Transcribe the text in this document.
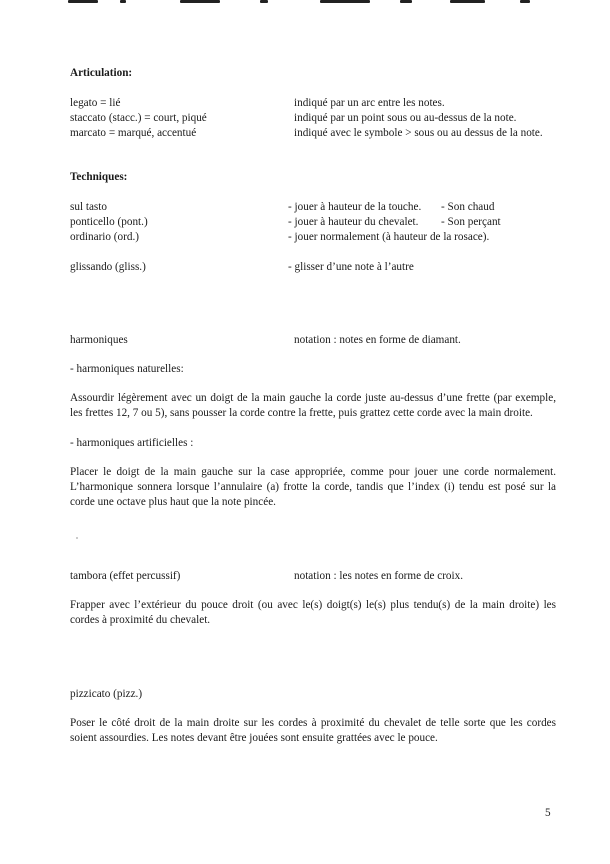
Articulation:
legato = lié	indiqué par un arc entre les notes.
staccato (stacc.) = court, piqué	indiqué par un point sous ou au-dessus de la note.
marcato = marqué, accentué	indiqué avec le symbole > sous ou au dessus de la note.
Techniques:
sul tasto	- jouer à hauteur de la touche. - Son chaud
ponticello (pont.)	- jouer à hauteur du chevalet. - Son perçant
ordinario (ord.)	- jouer normalement (à hauteur de la rosace).
glissando (gliss.)	- glisser d’une note à l’autre
harmoniques	notation : notes en forme de diamant.
- harmoniques naturelles:
Assourdir légèrement avec un doigt de la main gauche la corde juste au-dessus d’une frette (par exemple, les frettes 12, 7 ou 5), sans pousser la corde contre la frette, puis grattez cette corde avec la main droite.
- harmoniques artificielles :
Placer le doigt de la main gauche sur la case appropriée, comme pour jouer une corde normalement. L’harmonique sonnera lorsque l’annulaire (a) frotte la corde, tandis que l’index (i) tendu est posé sur la corde une octave plus haut que la note pincée.
tambora (effet percussif)	notation : les notes en forme de croix.
Frapper avec l’extérieur du pouce droit (ou avec le(s) doigt(s) le(s) plus tendu(s) de la main droite) les cordes à proximité du chevalet.
pizzicato (pizz.)
Poser le côté droit de la main droite sur les cordes à proximité du chevalet de telle sorte que les cordes soient assourdies. Les notes devant être jouées sont ensuite grattées avec le pouce.
5
